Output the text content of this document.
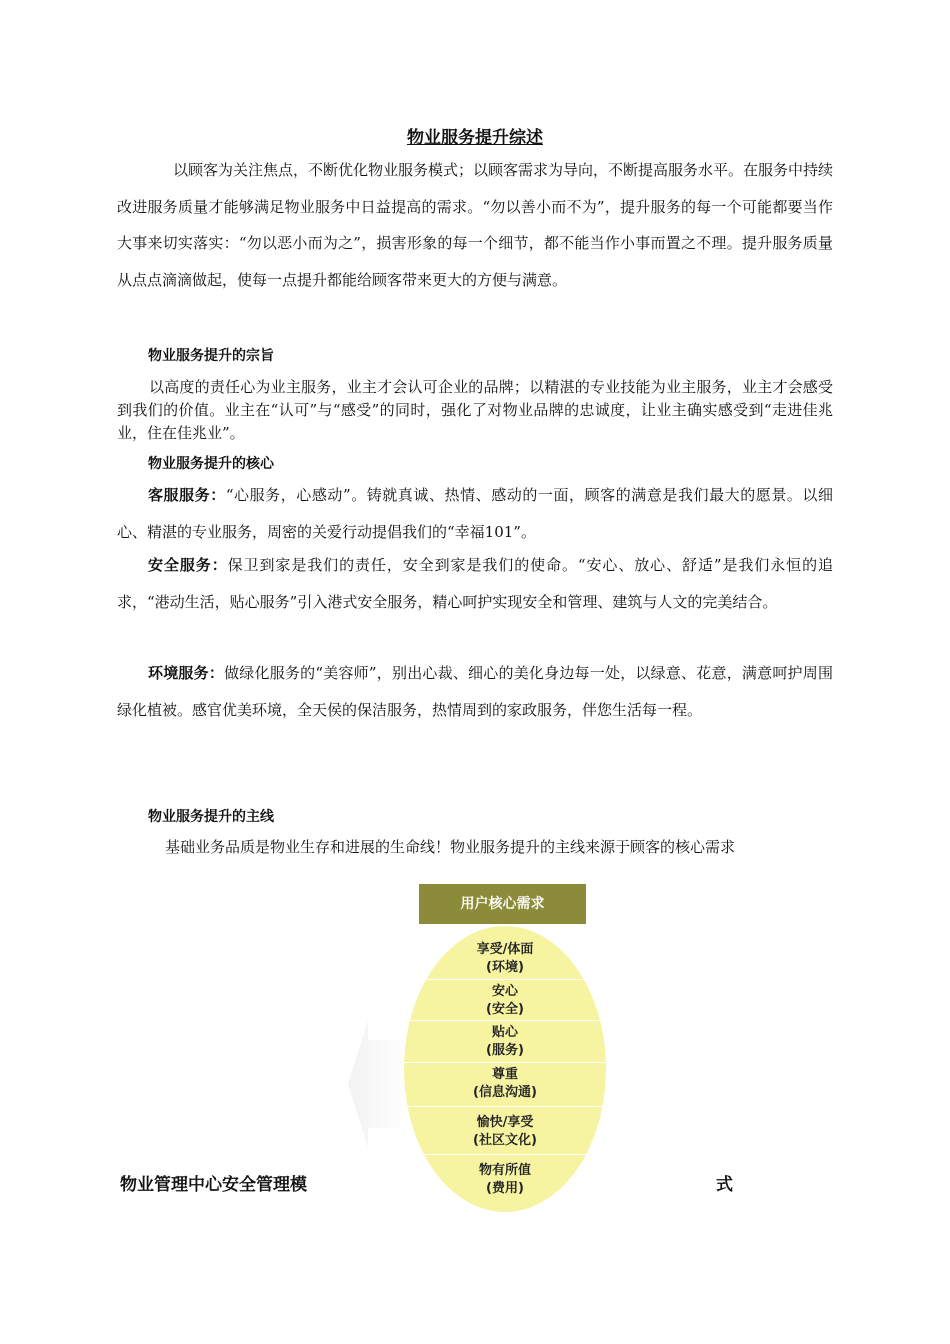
物业服务提升综述

以顾客为关注焦点，不断优化物业服务模式；以顾客需求为导向，不断提高服务水平。在服务中持续改进服务质量才能够满足物业服务中日益提高的需求。“勿以善小而不为”，提升服务的每一个可能都要当作大事来切实落实：“勿以恶小而为之”，损害形象的每一个细节，都不能当作小事而置之不理。提升服务质量从点点滴滴做起，使每一点提升都能给顾客带来更大的方便与满意。

物业服务提升的宗旨

以高度的责任心为业主服务，业主才会认可企业的品牌；以精湛的专业技能为业主服务，业主才会感受到我们的价值。业主在“认可”与“感受”的同时，强化了对物业品牌的忠诚度，让业主确实感受到“走进佳兆业，住在佳兆业”。

物业服务提升的核心

客服服务：“心服务，心感动”。铸就真诚、热情、感动的一面，顾客的满意是我们最大的愿景。以细心、精湛的专业服务，周密的关爱行动提倡我们的“幸福101”。

安全服务：保卫到家是我们的责任，安全到家是我们的使命。“安心、放心、舒适”是我们永恒的追求，“港动生活，贴心服务”引入港式安全服务，精心呵护实现安全和管理、建筑与人文的完美结合。

环境服务：做绿化服务的“美容师”，别出心裁、细心的美化身边每一处，以绿意、花意，满意呵护周围绿化植被。感官优美环境，全天侯的保洁服务，热情周到的家政服务，伴您生活每一程。

物业服务提升的主线

基础业务品质是物业生存和进展的生命线！物业服务提升的主线来源于顾客的核心需求
用户核心需求
享受/体面
(环境)
安心
(安全)
贴心
(服务)
尊重
(信息沟通)
愉快/享受
(社区文化)
物有所值
(费用)
物业管理中心安全管理模	式
